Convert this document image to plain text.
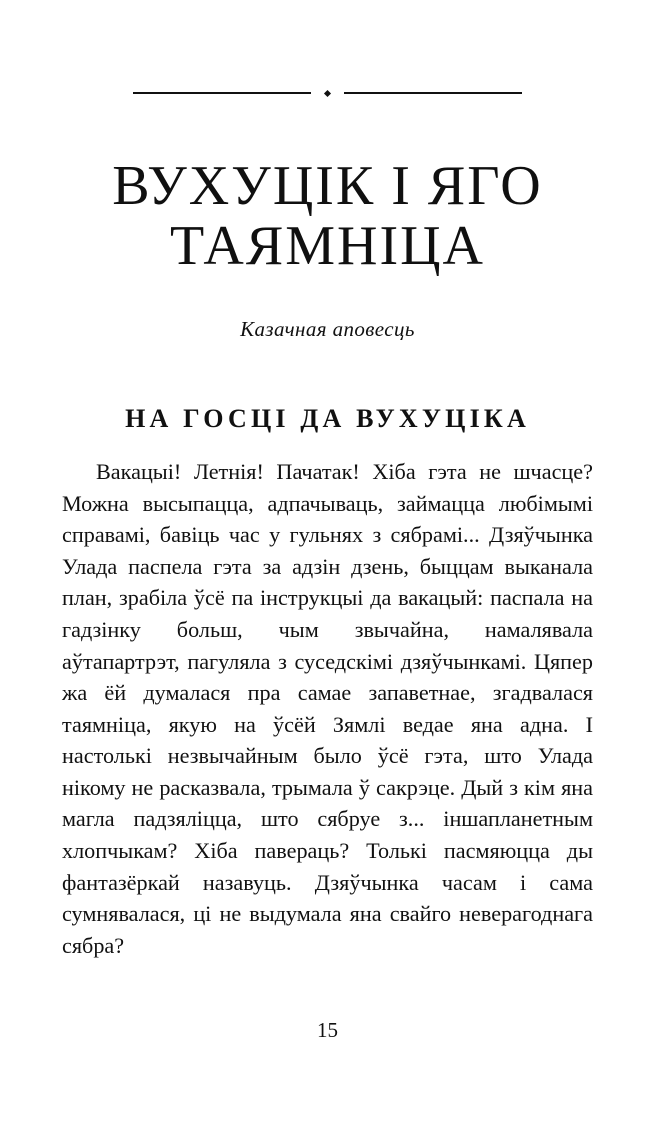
ВУХУЦІК І ЯГО
ТАЯМНІЦА
Казачная аповесць
НА ГОСЦІ ДА ВУХУЦІКА

Вакацыі! Летнія! Пачатак! Хіба гэта не шчасце? Можна высыпацца, адпачываць, займацца любімымі справамі, бавіць час у гульнях з сябрамі... Дзяўчынка Улада паспела гэта за адзін дзень, быццам выканала план, зрабіла ўсё па інструкцыі да вакацый: паспала на гадзінку больш, чым звычайна, намалявала аўтапартрэт, пагуляла з суседскімі дзяўчынкамі. Цяпер жа ёй думалася пра самае запаветнае, згадвалася таямніца, якую на ўсёй Зямлі ведае яна адна. І настолькі незвычайным было ўсё гэта, што Улада нікому не расказвала, трымала ў сакрэце. Дый з кім яна магла падзяліцца, што сябруе з... іншапланетным хлопчыкам? Хіба павераць? Толькі пасмяюцца ды фантазёркай назавуць. Дзяўчынка часам і сама сумнявалася, ці не выдумала яна свайго неверагоднага сябра?

15
